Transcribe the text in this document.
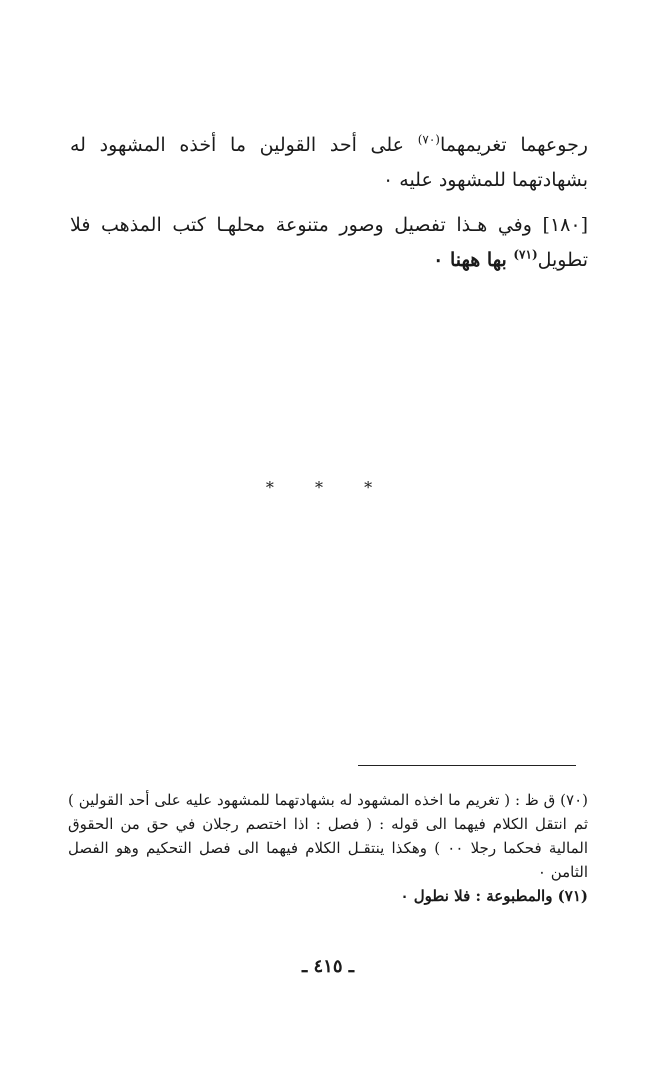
رجوعهما تغريمهما$^{(٧٠)}$ على أحد القولين ما أخذه المشهود له بشهادتهما للمشهود عليه ٠

[١٨٠] وفي هـذا تفصيل وصور متنوعة محلهـا كتب المذهب فلا تطويل$^{(٧١)}$ بها ههنا ٠

* * *

(٧٠) ق ظ : ( تغريم ما اخذه المشهود له بشهادتهما للمشهود عليه على أحد القولين ) ثم انتقل الكلام فيهما الى قوله : ( فصل : اذا اختصم رجلان في حق من الحقوق المالية فحكما رجلا ٠٠ ) وهكذا ينتقـل الكلام فيهما الى فصل التحكيم وهو الفصل الثامن ٠

(٧١) والمطبوعة : فلا نطول ٠

ـ ٤١٥ ـ
